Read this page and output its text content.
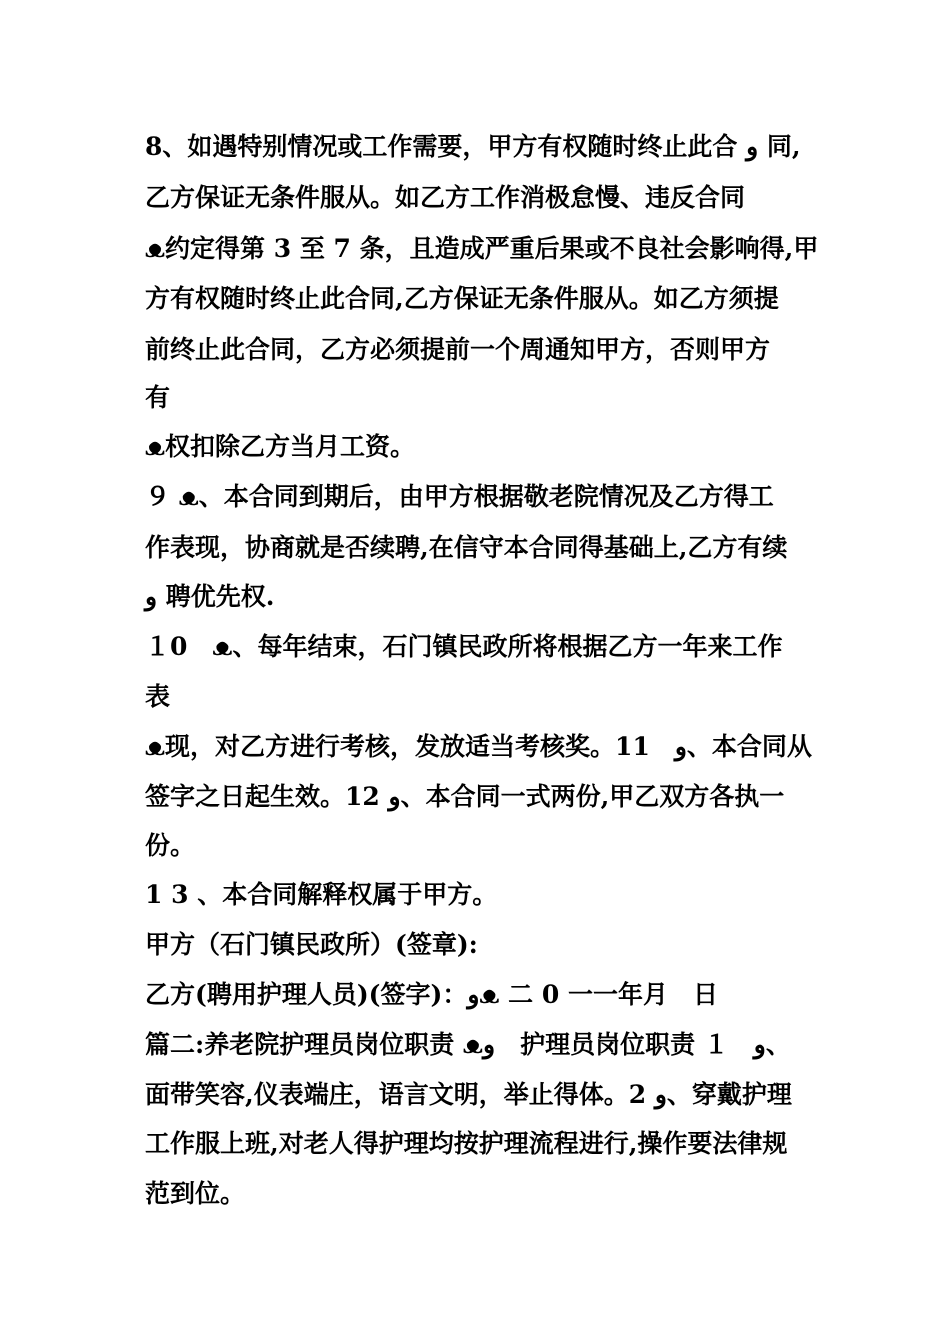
8、如遇特别情况或工作需要，甲方有权随时终止此合 و 同,
乙方保证无条件服从。如乙方工作消极怠慢、违反合同
ᴥ约定得第 3 至 7 条，且造成严重后果或不良社会影响得,甲
方有权随时终止此合同,乙方保证无条件服从。如乙方须提
前终止此合同，乙方必须提前一个周通知甲方，否则甲方
有
ᴥ权扣除乙方当月工资。
９ ᴥ、本合同到期后，由甲方根据敬老院情况及乙方得工
作表现，协商就是否续聘,在信守本合同得基础上,乙方有续
و 聘优先权.
１0　ᴥ、每年结束，石门镇民政所将根据乙方一年来工作
表
ᴥ现，对乙方进行考核，发放适当考核奖。11　و、本合同从
签字之日起生效。12 و、本合同一式两份,甲乙双方各执一
份。
1 3 、本合同解释权属于甲方。
甲方（石门镇民政所）(签章):
乙方(聘用护理人员)(签字)：وᴥ 二 0 一一年月　日
篇二:养老院护理员岗位职责 ᴥو　护理员岗位职责 １　و、
面带笑容,仪表端庄，语言文明，举止得体。2 و、穿戴护理
工作服上班,对老人得护理均按护理流程进行,操作要法律规
范到位。
